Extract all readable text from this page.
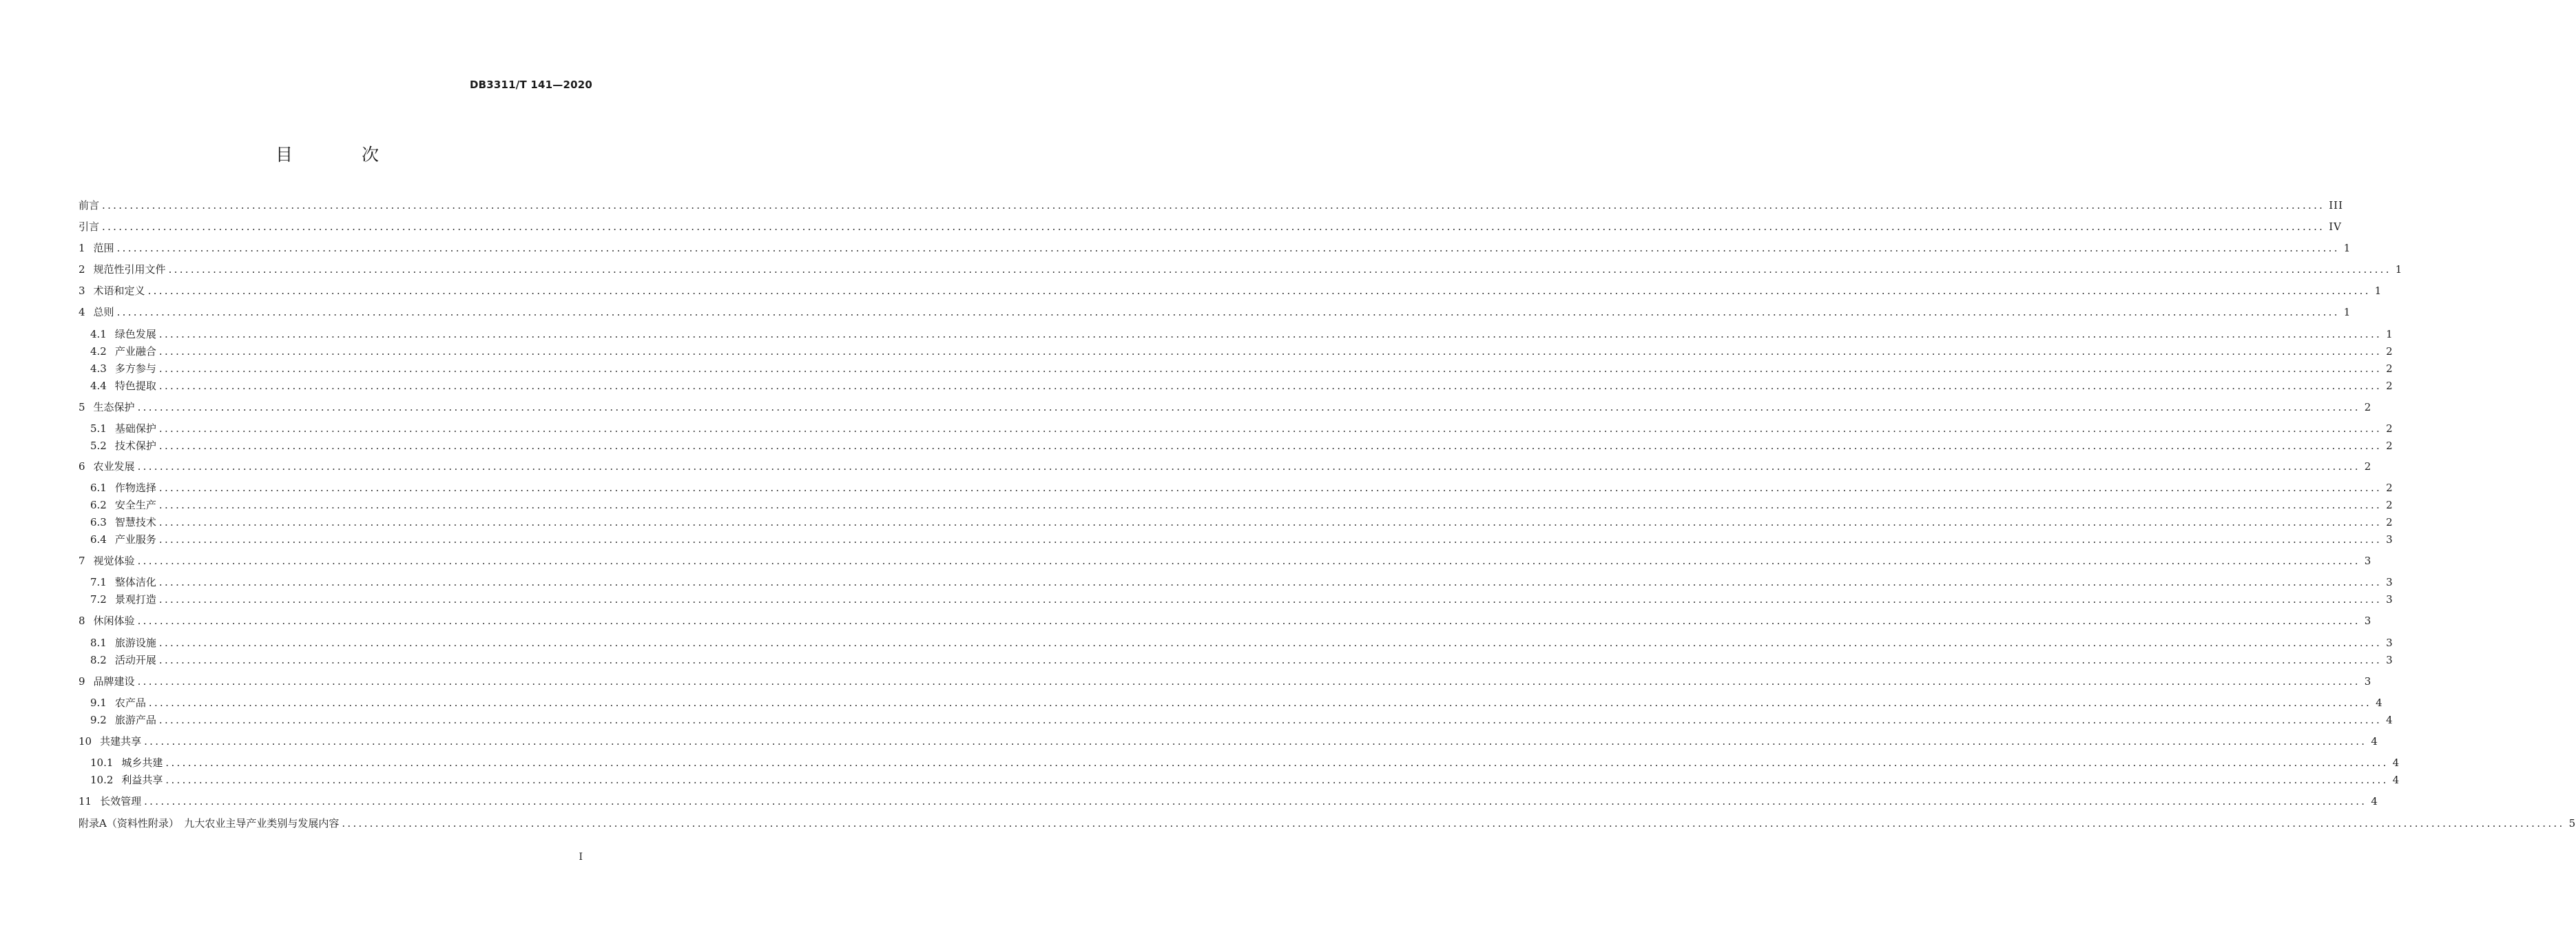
DB3311/T 141—2020
目 次
前言 ................................................................................................................................................................................................................................................................................................................................................................................................................ III
引言 ................................................................................................................................................................................................................................................................................................................................................................................................................ IV
1 范围 ................................................................................................................................................................................................................................................................................................................................................................................................................ 1
2 规范性引用文件 ................................................................................................................................................................................................................................................................................................................................................................................................................ 1
3 术语和定义 ................................................................................................................................................................................................................................................................................................................................................................................................................ 1
4 总则 ................................................................................................................................................................................................................................................................................................................................................................................................................ 1
4.1 绿色发展 ................................................................................................................................................................................................................................................................................................................................................................................................................ 1
4.2 产业融合 ................................................................................................................................................................................................................................................................................................................................................................................................................ 2
4.3 多方参与 ................................................................................................................................................................................................................................................................................................................................................................................................................ 2
4.4 特色提取 ................................................................................................................................................................................................................................................................................................................................................................................................................ 2
5 生态保护 ................................................................................................................................................................................................................................................................................................................................................................................................................ 2
5.1 基础保护 ................................................................................................................................................................................................................................................................................................................................................................................................................ 2
5.2 技术保护 ................................................................................................................................................................................................................................................................................................................................................................................................................ 2
6 农业发展 ................................................................................................................................................................................................................................................................................................................................................................................................................ 2
6.1 作物选择 ................................................................................................................................................................................................................................................................................................................................................................................................................ 2
6.2 安全生产 ................................................................................................................................................................................................................................................................................................................................................................................................................ 2
6.3 智慧技术 ................................................................................................................................................................................................................................................................................................................................................................................................................ 2
6.4 产业服务 ................................................................................................................................................................................................................................................................................................................................................................................................................ 3
7 视觉体验 ................................................................................................................................................................................................................................................................................................................................................................................................................ 3
7.1 整体洁化 ................................................................................................................................................................................................................................................................................................................................................................................................................ 3
7.2 景观打造 ................................................................................................................................................................................................................................................................................................................................................................................................................ 3
8 休闲体验 ................................................................................................................................................................................................................................................................................................................................................................................................................ 3
8.1 旅游设施 ................................................................................................................................................................................................................................................................................................................................................................................................................ 3
8.2 活动开展 ................................................................................................................................................................................................................................................................................................................................................................................................................ 3
9 品牌建设 ................................................................................................................................................................................................................................................................................................................................................................................................................ 3
9.1 农产品 ................................................................................................................................................................................................................................................................................................................................................................................................................ 4
9.2 旅游产品 ................................................................................................................................................................................................................................................................................................................................................................................................................ 4
10 共建共享 ................................................................................................................................................................................................................................................................................................................................................................................................................ 4
10.1 城乡共建 ................................................................................................................................................................................................................................................................................................................................................................................................................ 4
10.2 利益共享 ................................................................................................................................................................................................................................................................................................................................................................................................................ 4
11 长效管理 ................................................................................................................................................................................................................................................................................................................................................................................................................ 4
附录A（资料性附录）　九大农业主导产业类别与发展内容 ................................................................................................................................................................................................................................................................................................................................................................................................................ 5
I
